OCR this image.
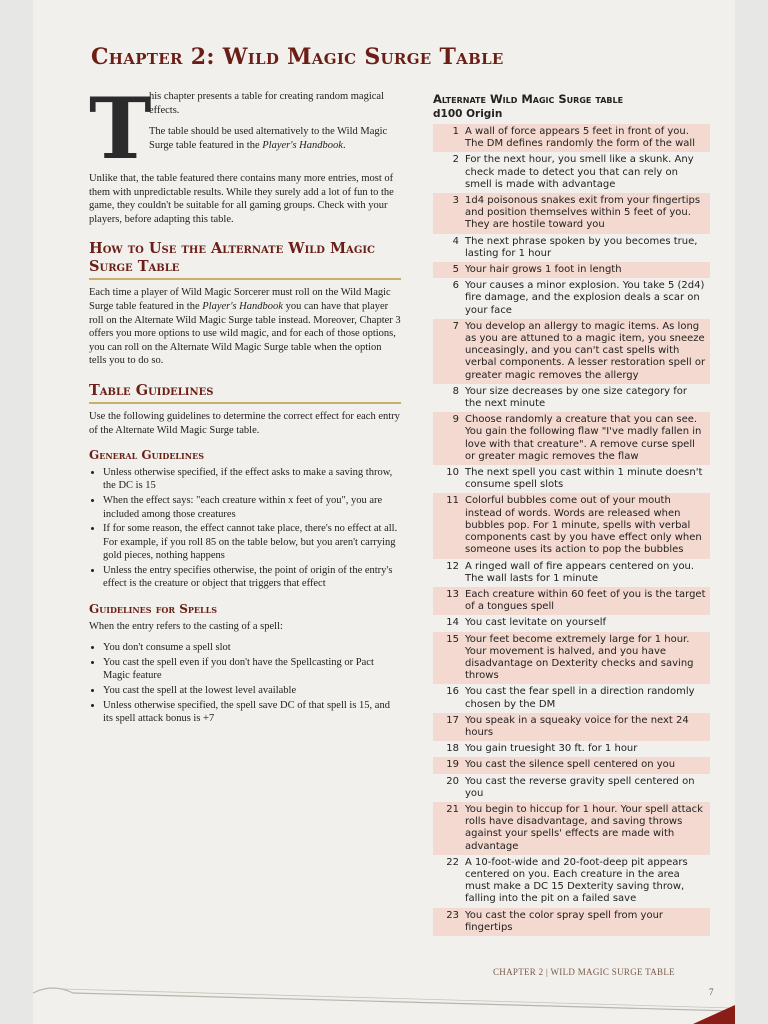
Chapter 2: Wild Magic Surge Table
T

his chapter presents a table for creating random magical effects.

The table should be used alternatively to the Wild Magic Surge table featured in the Player's Handbook.

Unlike that, the table featured there contains many more entries, most of them with unpredictable results. While they surely add a lot of fun to the game, they couldn't be suitable for all gaming groups. Check with your players, before adapting this table.

How to Use the Alternate Wild Magic Surge Table

Each time a player of Wild Magic Sorcerer must roll on the Wild Magic Surge table featured in the Player's Handbook you can have that player roll on the Alternate Wild Magic Surge table instead. Moreover, Chapter 3 offers you more options to use wild magic, and for each of those options, you can roll on the Alternate Wild Magic Surge table when the option tells you to do so.

Table Guidelines

Use the following guidelines to determine the correct effect for each entry of the Alternate Wild Magic Surge table.

General Guidelines
• Unless otherwise specified, if the effect asks to make a saving throw, the DC is 15
• When the effect says: "each creature within x feet of you", you are included among those creatures
• If for some reason, the effect cannot take place, there's no effect at all. For example, if you roll 85 on the table below, but you aren't carrying gold pieces, nothing happens
• Unless the entry specifies otherwise, the point of origin of the entry's effect is the creature or object that triggers that effect
Guidelines for Spells

When the entry refers to the casting of a spell:

• You don't consume a spell slot
• You cast the spell even if you don't have the Spellcasting or Pact Magic feature
• You cast the spell at the lowest level available
• Unless otherwise specified, the spell save DC of that spell is 15, and its spell attack bonus is +7
Alternate Wild Magic Surge table
d100 Origin
1 A wall of force appears 5 feet in front of you. The DM defines randomly the form of the wall
2 For the next hour, you smell like a skunk. Any check made to detect you that can rely on smell is made with advantage
3 1d4 poisonous snakes exit from your fingertips and position themselves within 5 feet of you. They are hostile toward you
4 The next phrase spoken by you becomes true, lasting for 1 hour
5 Your hair grows 1 foot in length
6 Your causes a minor explosion. You take 5 (2d4) fire damage, and the explosion deals a scar on your face
7 You develop an allergy to magic items. As long as you are attuned to a magic item, you sneeze unceasingly, and you can't cast spells with verbal components. A lesser restoration spell or greater magic removes the allergy
8 Your size decreases by one size category for the next minute
9 Choose randomly a creature that you can see. You gain the following flaw "I've madly fallen in love with that creature". A remove curse spell or greater magic removes the flaw
10 The next spell you cast within 1 minute doesn't consume spell slots
11 Colorful bubbles come out of your mouth instead of words. Words are released when bubbles pop. For 1 minute, spells with verbal components cast by you have effect only when someone uses its action to pop the bubbles
12 A ringed wall of fire appears centered on you. The wall lasts for 1 minute
13 Each creature within 60 feet of you is the target of a tongues spell
14 You cast levitate on yourself
15 Your feet become extremely large for 1 hour. Your movement is halved, and you have disadvantage on Dexterity checks and saving throws
16 You cast the fear spell in a direction randomly chosen by the DM
17 You speak in a squeaky voice for the next 24 hours
18 You gain truesight 30 ft. for 1 hour
19 You cast the silence spell centered on you
20 You cast the reverse gravity spell centered on you
21 You begin to hiccup for 1 hour. Your spell attack rolls have disadvantage, and saving throws against your spells' effects are made with advantage
22 A 10-foot-wide and 20-foot-deep pit appears centered on you. Each creature in the area must make a DC 15 Dexterity saving throw, falling into the pit on a failed save
23 You cast the color spray spell from your fingertips
CHAPTER 2 | WILD MAGIC SURGE TABLE
7
